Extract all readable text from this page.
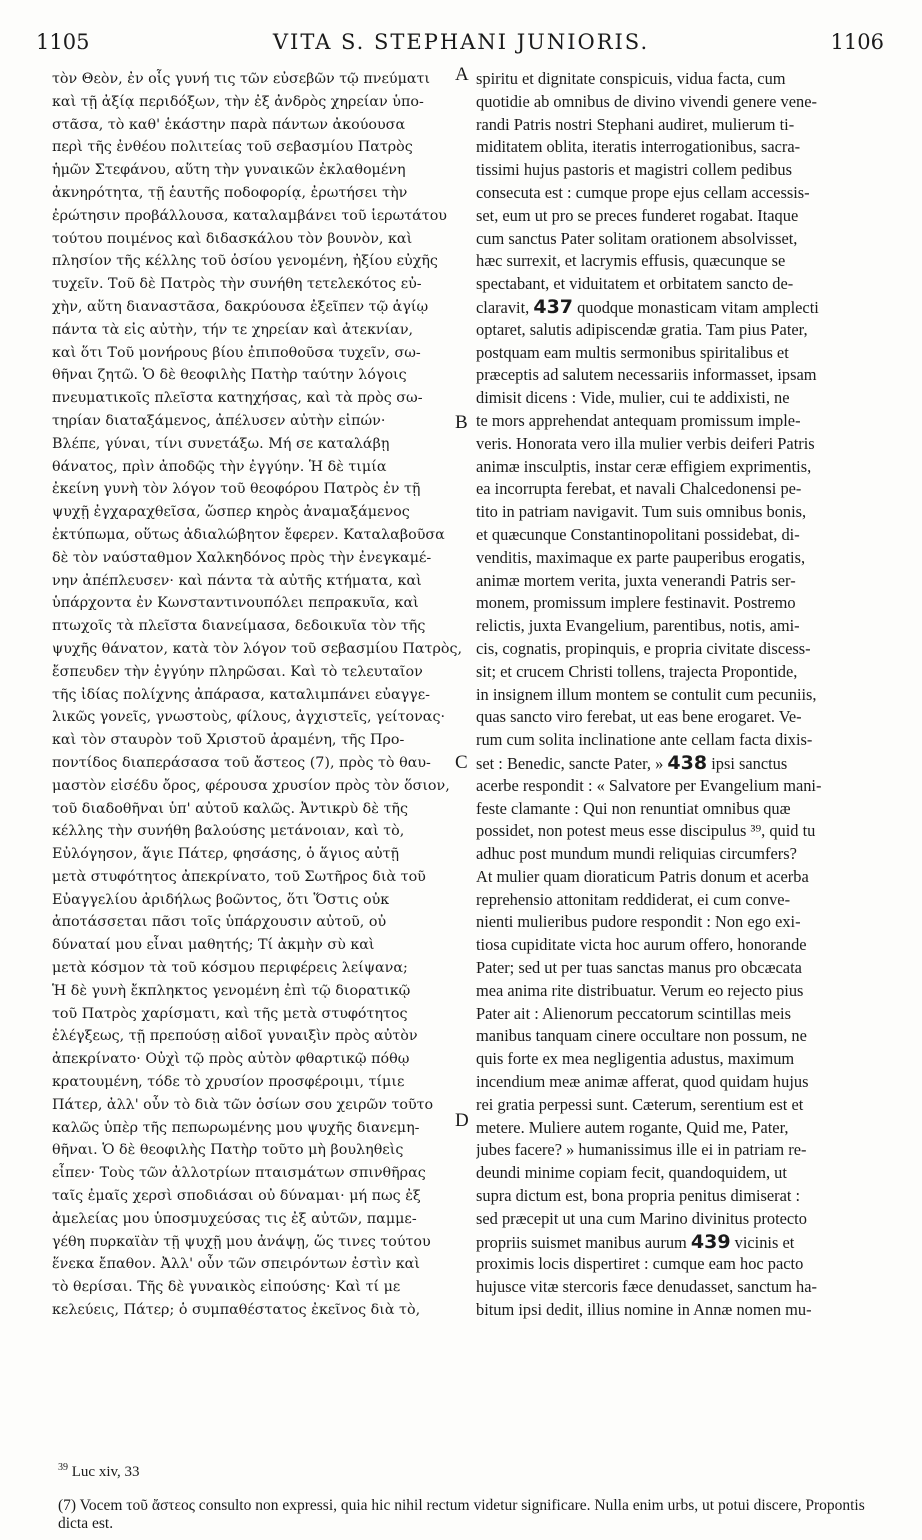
1105	VITA S. STEPHANI JUNIORIS.	1106
τὸν Θεὸν, ἐν οἷς γυνή τις τῶν εὐσεβῶν τῷ πνεύματι
καὶ τῇ ἀξίᾳ περιδόξων, τὴν ἐξ ἀνδρὸς χηρείαν ὑπο-
στᾶσα, τὸ καθ' ἑκάστην παρὰ πάντων ἀκούουσα
περὶ τῆς ἐνθέου πολιτείας τοῦ σεβασμίου Πατρὸς
ἡμῶν Στεφάνου, αὕτη τὴν γυναικῶν ἐκλαθομένη
ἀκνηρότητα, τῇ ἑαυτῆς ποδοφορίᾳ, ἐρωτήσει τὴν
ἐρώτησιν προβάλλουσα, καταλαμβάνει τοῦ ἱερωτάτου
τούτου ποιμένος καὶ διδασκάλου τὸν βουνὸν, καὶ
πλησίον τῆς κέλλης τοῦ ὁσίου γενομένη, ἠξίου εὐχῆς
τυχεῖν. Τοῦ δὲ Πατρὸς τὴν συνήθη τετελεκότος εὐ-
χὴν, αὕτη διαναστᾶσα, δακρύουσα ἐξεῖπεν τῷ ἁγίῳ
πάντα τὰ εἰς αὐτὴν, τήν τε χηρείαν καὶ ἀτεκνίαν,
καὶ ὅτι Τοῦ μονήρους βίου ἐπιποθοῦσα τυχεῖν, σω-
θῆναι ζητῶ. Ὁ δὲ θεοφιλὴς Πατὴρ ταύτην λόγοις
πνευματικοῖς πλεῖστα κατηχήσας, καὶ τὰ πρὸς σω-
τηρίαν διαταξάμενος, ἀπέλυσεν αὐτὴν εἰπών·
Βλέπε, γύναι, τίνι συνετάξω. Μή σε καταλάβῃ
θάνατος, πρὶν ἀποδῷς τὴν ἐγγύην. Ἡ δὲ τιμία
ἐκείνη γυνὴ τὸν λόγον τοῦ θεοφόρου Πατρὸς ἐν τῇ
ψυχῇ ἐγχαραχθεῖσα, ὥσπερ κηρὸς ἀναμαξάμενος
ἐκτύπωμα, οὕτως ἀδιαλώβητον ἔφερεν. Καταλαβοῦσα
δὲ τὸν ναύσταθμον Χαλκηδόνος πρὸς τὴν ἐνεγκαμέ-
νην ἀπέπλευσεν· καὶ πάντα τὰ αὐτῆς κτήματα, καὶ
ὑπάρχοντα ἐν Κωνσταντινουπόλει πεπρακυῖα, καὶ
πτωχοῖς τὰ πλεῖστα διανείμασα, δεδοικυῖα τὸν τῆς
ψυχῆς θάνατον, κατὰ τὸν λόγον τοῦ σεβασμίου Πατρὸς,
ἔσπευδεν τὴν ἐγγύην πληρῶσαι. Καὶ τὸ τελευταῖον
τῆς ἰδίας πολίχνης ἀπάρασα, καταλιμπάνει εὐαγγε-
λικῶς γονεῖς, γνωστοὺς, φίλους, ἀγχιστεῖς, γείτονας·
καὶ τὸν σταυρὸν τοῦ Χριστοῦ ἀραμένη, τῆς Προ-
ποντίδος διαπεράσασα τοῦ ἄστεος (7), πρὸς τὸ θαυ-
μαστὸν εἰσέδυ ὄρος, φέρουσα χρυσίον πρὸς τὸν ὅσιον,
τοῦ διαδοθῆναι ὑπ' αὐτοῦ καλῶς. Ἀντικρὺ δὲ τῆς
κέλλης τὴν συνήθη βαλούσης μετάνοιαν, καὶ τὸ,
Εὐλόγησον, ἅγιε Πάτερ, φησάσης, ὁ ἅγιος αὐτῇ
μετὰ στυφότητος ἀπεκρίνατο, τοῦ Σωτῆρος διὰ τοῦ
Εὐαγγελίου ἀριδήλως βοῶντος, ὅτι Ὅστις οὐκ
ἀποτάσσεται πᾶσι τοῖς ὑπάρχουσιν αὐτοῦ, οὐ
δύναταί μου εἶναι μαθητής; Τί ἀκμὴν σὺ καὶ
μετὰ κόσμον τὰ τοῦ κόσμου περιφέρεις λείψανα;
Ἡ δὲ γυνὴ ἔκπληκτος γενομένη ἐπὶ τῷ διορατικῷ
τοῦ Πατρὸς χαρίσματι, καὶ τῆς μετὰ στυφότητος
ἐλέγξεως, τῇ πρεπούσῃ αἰδοῖ γυναιξὶν πρὸς αὐτὸν
ἀπεκρίνατο· Οὐχὶ τῷ πρὸς αὐτὸν φθαρτικῷ πόθῳ
κρατουμένη, τόδε τὸ χρυσίον προσφέροιμι, τίμιε
Πάτερ, ἀλλ' οὖν τὸ διὰ τῶν ὁσίων σου χειρῶν τοῦτο
καλῶς ὑπὲρ τῆς πεπωρωμένης μου ψυχῆς διανεμη-
θῆναι. Ὁ δὲ θεοφιλὴς Πατὴρ τοῦτο μὴ βουληθεὶς
εἶπεν· Τοὺς τῶν ἀλλοτρίων πταισμάτων σπινθῆρας
ταῖς ἐμαῖς χερσὶ σποδιάσαι οὐ δύναμαι· μή πως ἐξ
ἀμελείας μου ὑποσμυχεύσας τις ἐξ αὐτῶν, παμμε-
γέθη πυρκαϊὰν τῇ ψυχῇ μου ἀνάψῃ, ὥς τινες τούτου
ἕνεκα ἔπαθον. Ἀλλ' οὖν τῶν σπειρόντων ἐστὶν καὶ
τὸ θερίσαι. Τῆς δὲ γυναικὸς εἰπούσης· Καὶ τί με
κελεύεις, Πάτερ; ὁ συμπαθέστατος ἐκεῖνος διὰ τὸ,
spiritu et dignitate conspicuis, vidua facta, cum
quotidie ab omnibus de divino vivendi genere vene-
randi Patris nostri Stephani audiret, mulierum ti-
miditatem oblita, iteratis interrogationibus, sacra-
tissimi hujus pastoris et magistri collem pedibus
consecuta est : cumque prope ejus cellam accessis-
set, eum ut pro se preces funderet rogabat. Itaque
cum sanctus Pater solitam orationem absolvisset,
hæc surrexit, et lacrymis effusis, quæcunque se
spectabant, et viduitatem et orbitatem sancto de-
claravit, 437 quodque monasticam vitam amplecti
optaret, salutis adipiscendæ gratia. Tam pius Pater,
postquam eam multis sermonibus spiritalibus et
præceptis ad salutem necessariis informasset, ipsam
dimisit dicens : Vide, mulier, cui te addixisti, ne
te mors apprehendat antequam promissum imple-
veris. Honorata vero illa mulier verbis deiferi Patris
animæ insculptis, instar ceræ effigiem exprimentis,
ea incorrupta ferebat, et navali Chalcedonensi pe-
tito in patriam navigavit. Tum suis omnibus bonis,
et quæcunque Constantinopolitani possidebat, di-
venditis, maximaque ex parte pauperibus erogatis,
animæ mortem verita, juxta venerandi Patris ser-
monem, promissum implere festinavit. Postremo
relictis, juxta Evangelium, parentibus, notis, ami-
cis, cognatis, propinquis, e propria civitate discess-
sit; et crucem Christi tollens, trajecta Propontide,
in insignem illum montem se contulit cum pecuniis,
quas sancto viro ferebat, ut eas bene erogaret. Ve-
rum cum solita inclinatione ante cellam facta dixis-
set : Benedic, sancte Pater, » 438 ipsi sanctus
acerbe respondit : « Salvatore per Evangelium mani-
feste clamante : Qui non renuntiat omnibus quæ
possidet, non potest meus esse discipulus ³⁹, quid tu
adhuc post mundum mundi reliquias circumfers?
At mulier quam dioraticum Patris donum et acerba
reprehensio attonitam reddiderat, ei cum conve-
nienti mulieribus pudore respondit : Non ego exi-
tiosa cupiditate victa hoc aurum offero, honorande
Pater; sed ut per tuas sanctas manus pro obcæcata
mea anima rite distribuatur. Verum eo rejecto pius
Pater ait : Alienorum peccatorum scintillas meis
manibus tanquam cinere occultare non possum, ne
quis forte ex mea negligentia adustus, maximum
incendium meæ animæ afferat, quod quidam hujus
rei gratia perpessi sunt. Cæterum, serentium est et
metere. Muliere autem rogante, Quid me, Pater,
jubes facere? » humanissimus ille ei in patriam re-
deundi minime copiam fecit, quandoquidem, ut
supra dictum est, bona propria penitus dimiserat :
sed præcepit ut una cum Marino divinitus protecto
propriis suismet manibus aurum 439 vicinis et
proximis locis dispertiret : cumque eam hoc pacto
hujusce vitæ stercoris fæce denudasset, sanctum ha-
bitum ipsi dedit, illius nomine in Annæ nomen mu-
A
B
C
D
$^{39}$ Luc xiv, 33
(7) Vocem τοῦ ἄστεος consulto non expressi, quia hic nihil rectum videtur significare. Nulla enim urbs, ut potui discere, Propontis dicta est.
